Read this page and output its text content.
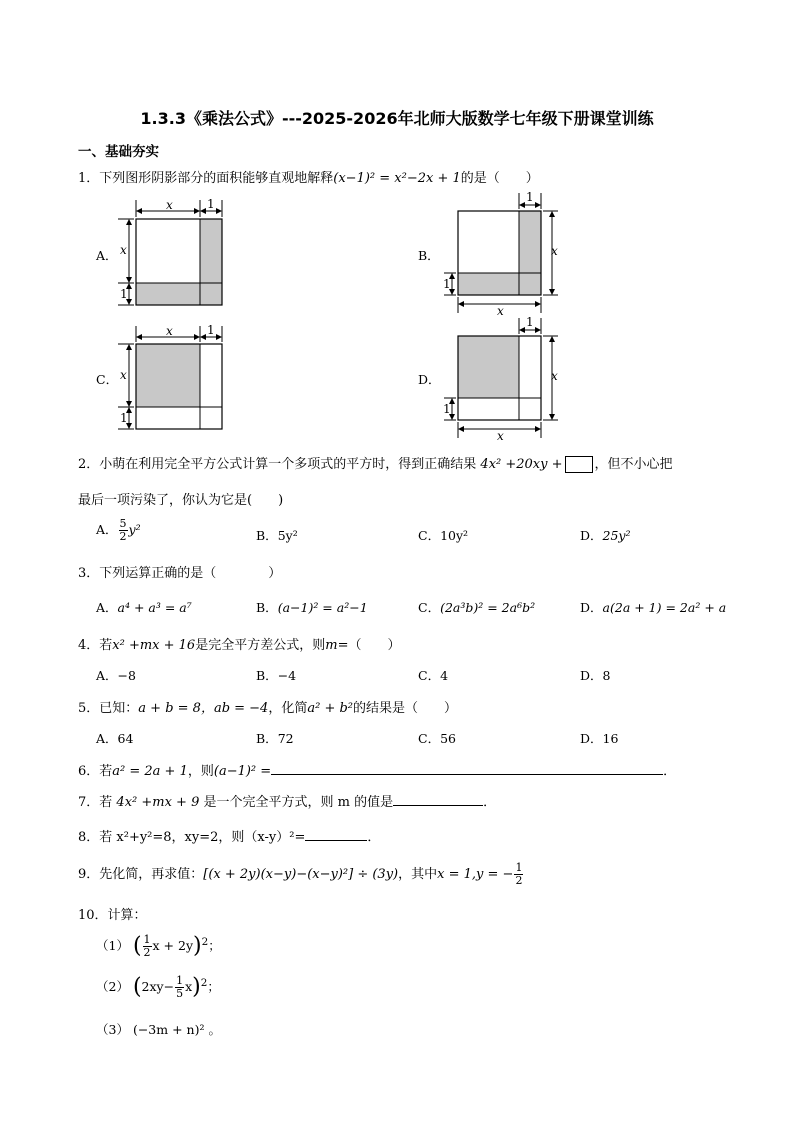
1.3.3《乘法公式》---2025-2026年北师大版数学七年级下册课堂训练
一、基础夯实
1．下列图形阴影部分的面积能够直观地解释(x−1)² = x²−2x + 1的是（　　）
A．
x	1
x
1
B．
1
x
1
x
C．
x	1
x
1
D．
1
x
1
x
2．小萌在利用完全平方公式计算一个多项式的平方时，得到正确结果 4x² +20xy + ，但不小心把
最后一项污染了，你认为它是(　　)
A． $\frac{5}{2} y^2$	B．5y²	C．10y²	D．25y²
3．下列运算正确的是（　　　　）
A．a⁴ + a³ = a⁷	B．(a−1)² = a²−1	C．(2a³b)² = 2a⁶b²	D．a(2a + 1) = 2a² + a
4．若x² +mx + 16是完全平方差公式，则m=（　　）
A．−8	B．−4	C．4	D．8
5．已知：a + b = 8，ab = −4，化简a² + b²的结果是（　　）
A．64	B．72	C．56	D．16
6．若a² = 2a + 1，则(a−1)² =	．
7．若 4x² +mx + 9 是一个完全平方式，则 m 的值是	．
8．若 x²+y²=8，xy=2，则（x-y）²=	．
9．先化简，再求值：[(x + 2y)(x−y)−(x−y)²] ÷ (3y)，其中x = 1,y = − $\frac{1}{2}$
10．计算：
（1） ( $\frac{1}{2}$ x + 2y)$^2$；
（2） $(2xy- \frac{1}{5} x)^2$；
（3） (−3m + n)² 。
